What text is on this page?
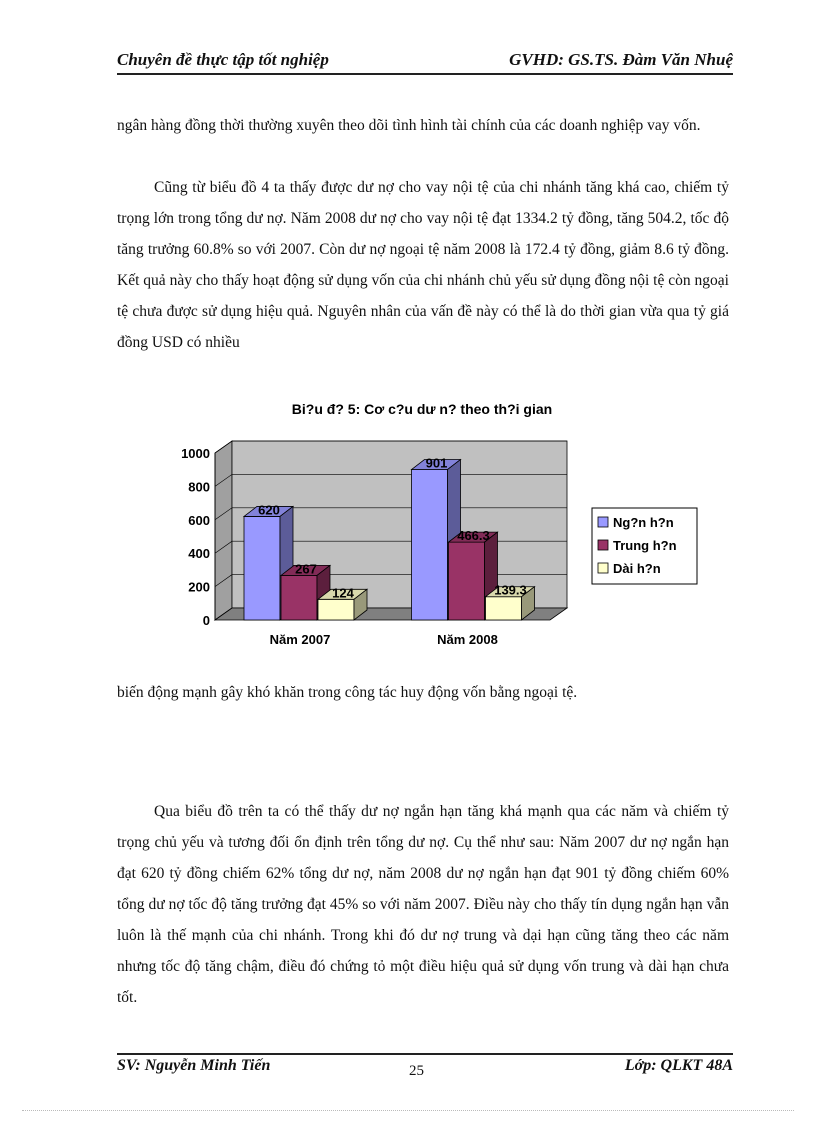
Chuyên đề thực tập tốt nghiệp	GVHD: GS.TS. Đàm Văn Nhuệ

ngân hàng đồng thời thường xuyên theo dõi tình hình tài chính của các doanh nghiệp vay vốn.

Cũng từ biểu đồ 4 ta thấy được dư nợ cho vay nội tệ của chi nhánh tăng khá cao, chiếm tỷ trọng lớn trong tổng dư nợ. Năm 2008 dư nợ cho vay nội tệ đạt 1334.2 tỷ đồng, tăng 504.2, tốc độ tăng trưởng 60.8% so với 2007. Còn dư nợ ngoại tệ năm 2008 là 172.4 tỷ đồng, giảm 8.6 tỷ đồng. Kết quả này cho thấy hoạt động sử dụng vốn của chi nhánh chủ yếu sử dụng đồng nội tệ còn ngoại tệ chưa được sử dụng hiệu quả. Nguyên nhân của vấn đề này có thể là do thời gian vừa qua tỷ giá đồng USD có nhiều

Bi?u đ? 5: Cơ c?u dư n? theo th?i gian
0
200
400
600
800
1000
620
267
124
Năm 2007
901
466.3
139.3
Năm 2008
Ng?n h?n
Trung h?n
Dài h?n

biến động mạnh gây khó khăn trong công tác huy động vốn bằng ngoại tệ.

Qua biểu đồ trên ta có thể thấy dư nợ ngắn hạn tăng khá mạnh qua các năm và chiếm tỷ trọng chủ yếu và tương đối ổn định trên tổng dư nợ. Cụ thể như sau: Năm 2007 dư nợ ngắn hạn đạt 620 tỷ đồng chiếm 62% tổng dư nợ, năm 2008 dư nợ ngắn hạn đạt 901 tỷ đồng chiếm 60% tổng dư nợ tốc độ tăng trưởng đạt 45% so với năm 2007. Điều này cho thấy tín dụng ngắn hạn vẫn luôn là thế mạnh của chi nhánh. Trong khi đó dư nợ trung và dại hạn cũng tăng theo các năm nhưng tốc độ tăng chậm, điều đó chứng tỏ một điều hiệu quả sử dụng vốn trung và dài hạn chưa tốt.

SV: Nguyễn Minh Tiến	25	Lớp: QLKT 48A
